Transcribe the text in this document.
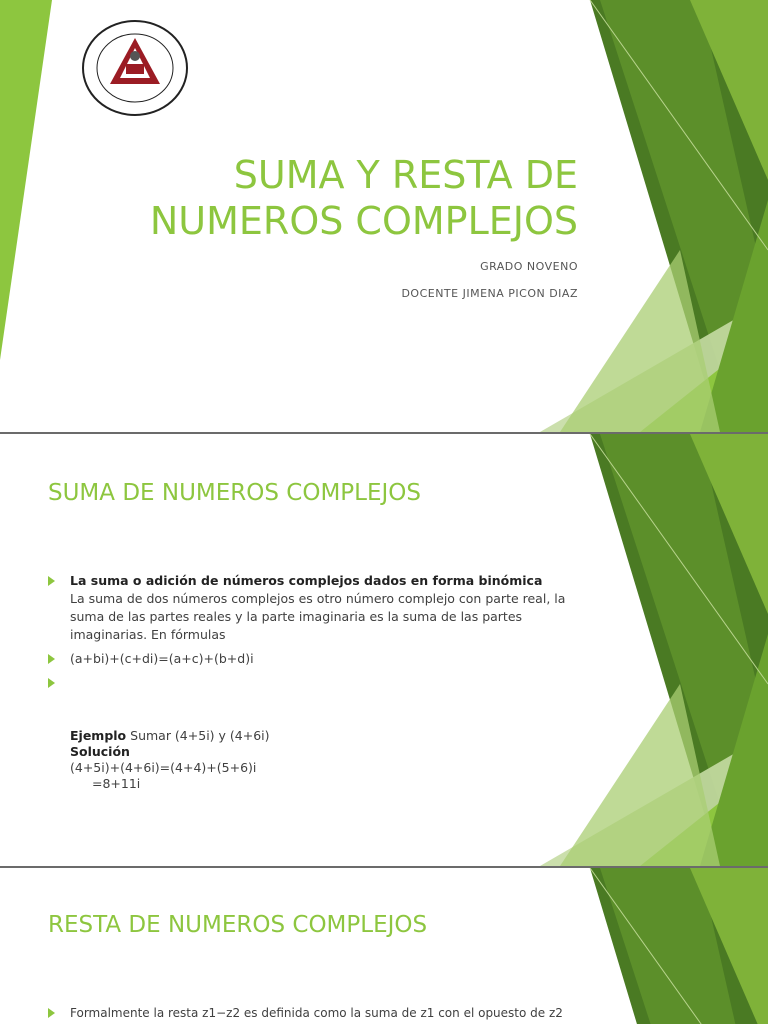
SUMA Y RESTA DE
NUMEROS COMPLEJOS
GRADO NOVENO
DOCENTE JIMENA PICON DIAZ
SUMA DE NUMEROS COMPLEJOS
La suma o adición de números complejos dados en forma binómica
La suma de dos números complejos es otro número complejo con parte real, la suma de las partes reales y la parte imaginaria es la suma de las partes imaginarias. En fórmulas
(a+bi)+(c+di)=(a+c)+(b+d)i
Ejemplo Sumar (4+5i) y (4+6i)
Solución
(4+5i)+(4+6i)=(4+4)+(5+6)i
=8+11i
RESTA DE NUMEROS COMPLEJOS
Formalmente la resta z1−z2 es definida como la suma de z1 con el opuesto de z2
